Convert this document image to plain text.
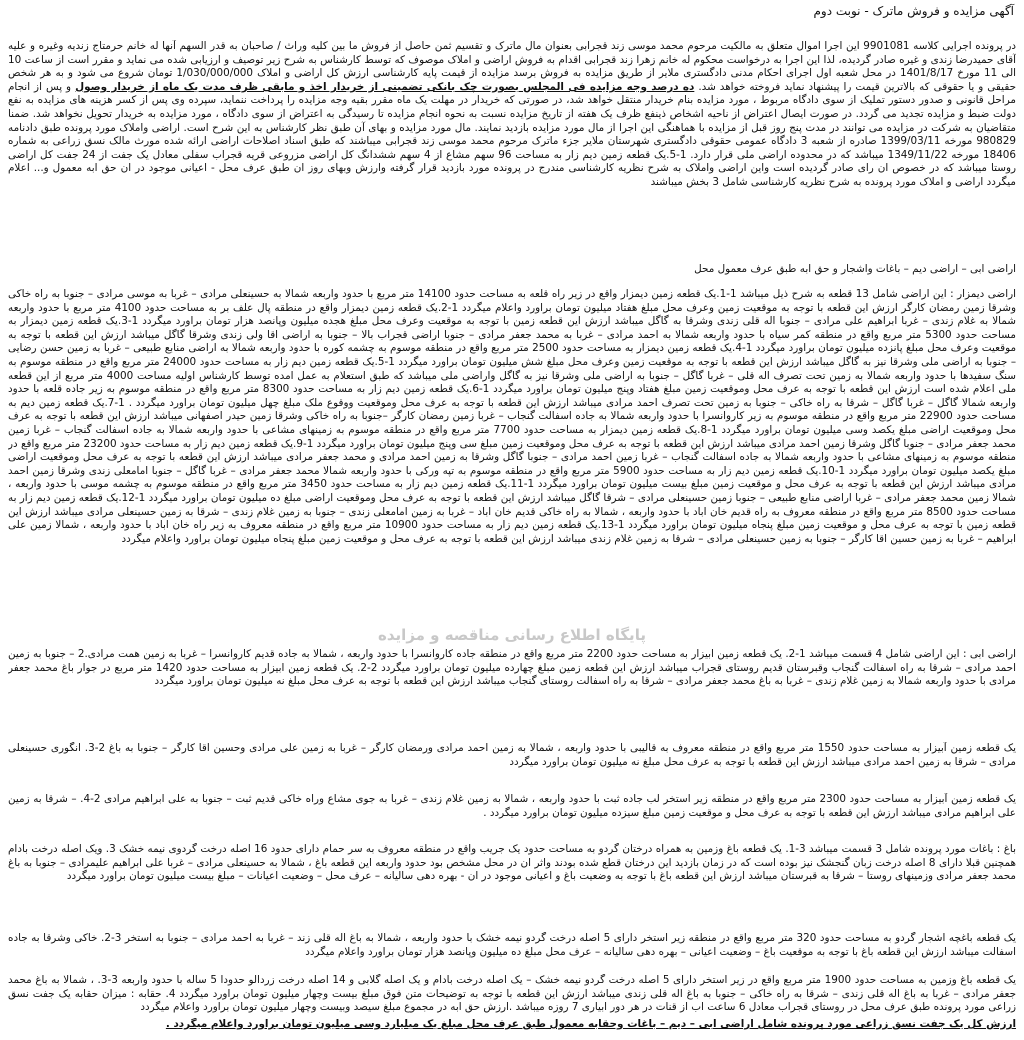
آگهی مزایده و فروش ماترک - نوبت دوم

در پرونده اجرایی کلاسه 9901081 این اجرا اموال متعلق به مالکیت مرحوم محمد موسی زند قجرابی بعنوان مال ماترک و تقسیم ثمن حاصل از فروش ما بین کلیه وراث / صاحبان به قدر السهم آنها له خانم حرمتاج زندیه وغیره و علیه آقای حمیدرضا زندی و غیره صادر گردیده، لذا این اجرا به درخواست محکوم له خانم زهرا زند قجرابی اقدام به فروش اراضی و املاک موصوف که توسط کارشناس به شرح زیر توصیف و ارزیابی شده می نماید و مقرر است از ساعت 10 الی 11 مورخ 1401/8/17 در محل شعبه اول اجرای احکام مدنی دادگستری ملایر از طریق مزایده به فروش برسد مزایده از قیمت پایه کارشناسی ارزش کل اراضی و املاک 1/030/000/000 تومان شروع می شود و به هر شخص حقیقی و یا حقوقی که بالاترین قیمت را پیشنهاد نماید فروخته خواهد شد. ده درصد وجه مزایده فی المجلس بصورت چک بانکی تضمینی از خریدار اخذ و مابقی ظرف مدت یک ماه از خریدار وصول و پس از انجام مراحل قانونی و صدور دستور تملیک از سوی دادگاه مربوط ، مورد مزایده بنام خریدار منتقل خواهد شد، در صورتی که خریدار در مهلت یک ماه مقرر بقیه وجه مزایده را پرداخت ننماید، سپرده وی پس از کسر هزینه های مزایده به نفع دولت ضبط و مزایده تجدید می گردد. در صورت ایصال اعتراض از ناحیه اشخاص ذینفع ظرف یک هفته از تاریخ مزایده نسبت به نحوه انجام مزایده تا رسیدگی به اعتراض از سوی دادگاه ، مورد مزایده به خریدار تحویل نخواهد شد. ضمنا متقاضیان به شرکت در مزایده می توانند در مدت پنج روز قبل از مزایده با هماهنگی این اجرا از مال مورد مزایده بازدید نمایند. مال مورد مزایده و بهای آن طبق نظر کارشناس به این شرح است. اراضی واملاک مورد پرونده طبق دادنامه 980829 مورخه 1399/03/11 صادره از شعبه 3 دادگاه عمومی حقوقی دادگستری شهرستان ملایر جزء ماترک مرحوم محمد موسی زند قجرابی میباشند که طبق اسناد اصلاحات اراضی ارائه شده مورث مالک نسق زراعی به شماره 18406 مورخه 1349/11/22 میباشد که در محدوده اراضی ملی قرار دارد. 1-5.یک قطعه زمین دیم زار به مساحت 96 سهم مشاع از 4 سهم ششدانگ کل اراضی مزروعی قریه قجراب سفلی معادل یک جفت از 24 جفت کل اراضی روستا میباشد که در خصوص ان رای صادر گردیده است واین اراضی واملاک به شرح نظریه کارشناسی مندرج در پرونده مورد بازدید قرار گرفته وارزش وبهای روز ان طبق عرف محل - اعیانی موجود در ان حق ابه معمول و... اعلام میگردد اراضی و املاک مورد پرونده به شرح نظریه کارشناسی شامل 3 بخش میباشند

اراضی ابی – اراضی دیم – باغات واشجار و حق ابه طبق عرف معمول محل

اراضی دیمزار : این اراضی شامل 13 قطعه به شرح ذیل میباشد 1-1.یک قطعه زمین دیمزار واقع در زیر راه قلعه به مساحت حدود 14100 متر مربع با حدود واربعه شمالا به حسینعلی مرادی – غربا به موسی مرادی – جنوبا به راه خاکی وشرقا زمین رمضان کارگر ارزش این قطعه با توجه به موقعیت زمین وعرف محل مبلغ هفتاد میلیون تومان براورد واعلام میگردد 1-2.یک قطعه زمین دیمزار واقع در منطقه پال علف بر به مساحت حدود 4100 متر مربع با حدود واربعه شمالا به غلام زندی – غربا ابراهیم علی مرادی – جنوبا اله قلی زندی وشرقا به گاگل میباشد ارزش این قطعه زمین با توجه به موقعیت وعرف محل مبلغ هجده میلیون وپانصد هزار تومان براورد میگردد 1-3.یک قطعه زمین دیمزار به مساحت حدود 5300 متر مربع واقع در منطقه کمر سیاه با حدود واربعه شمالا به احمد مرادی – غربا به محمد جعفر مرادی – جنوبا اراضی قجراب بالا – جنوبا به اراضی اقا ولی زندی وشرقا گاگل میباشد ارزش این قطعه با توجه به موقعیت وعرف محل مبلغ پانزده میلیون تومان براورد میگردد 1-4.یک قطعه زمین دیمزار به مساحت حدود 2500 متر مربع واقع در منطقه موسوم به چشمه کوره با حدود واربعه شمالا به اراضی منابع طبیعی – غربا به زمین حسن رضایی – جنوبا به اراضی ملی وشرقا نیز به گاگل میباشد ارزش این قطعه با توجه به موقعیت زمین وعرف محل مبلغ شش میلیون تومان براورد میگردد 1-5.یک قطعه زمین دیم زار به مساحت حدود 24000 متر مربع واقع در منطقه موسوم به سنگ سفیدها با حدود واربعه شمالا به زمین تحت تصرف اله قلی – غربا گاگل – جنوبا به اراضی ملی وشرقا نیز به گاگل واراضی ملی میباشد که طبق استعلام به عمل امده توسط کارشناس اولیه مساحت 4000 متر مربع از این قطعه ملی اعلام شده است ارزش این قطعه با توجه به عرف محل وموقعیت زمین مبلغ هفتاد وپنج میلیون تومان براورد میگردد 1-6.یک قطعه زمین دیم زار به مساحت حدود 8300 متر مربع واقع در منطقه موسوم به زیر جاده قلعه با حدود واربعه شمالا گاگل – غربا گاگل – شرقا به راه خاکی – جنوبا به زمین تحت تصرف احمد مرادی میباشد ارزش این قطعه با توجه به عرف محل وموقعیت ووقوع ملک مبلغ چهل میلیون تومان براورد میگردد . 1-7.یک قطعه زمین دیم به مساحت حدود 22900 متر مربع واقع در منطقه موسوم به زیر کاروانسرا با حدود واربعه شمالا به جاده اسفالت گنجاب – غربا زمین رمضان کارگر –جنوبا به راه خاکی وشرقا زمین حیدر اصفهانی میباشد ارزش این قطعه با توجه به عرف محل وموقعیت اراضی مبلغ یکصد وسی میلیون تومان براورد میگردد 1-8.یک قطعه زمین دیمزار به مساحت حدود 7700 متر مربع واقع در منطقه موسوم به زمینهای مشاعی با حدود واربعه شمالا به جاده اسفالت گنجاب – غربا زمین محمد جعفر مرادی – جنوبا گاگل وشرقا زمین احمد مرادی میباشد ارزش این قطعه با توجه به عرف محل وموقعیت زمین مبلغ سی وپنج میلیون تومان براورد میگردد 1-9.یک قطعه زمین دیم زار به مساحت حدود 23200 متر مربع واقع در منطقه موسوم به زمینهای مشاعی با حدود واربعه شمالا به جاده اسفالت گنجاب – غربا زمین احمد مرادی – جنوبا گاگل وشرقا به زمین احمد مرادی و محمد جعفر مرادی میباشد ارزش این قطعه با توجه به عرف محل وموقعیت اراضی مبلغ یکصد میلیون تومان براورد میگردد 1-10.یک قطعه زمین دیم زار به مساحت حدود 5900 متر مربع واقع در منطقه موسوم به تپه ورکی با حدود واربعه شمالا محمد جعفر مرادی – غربا گاگل – جنوبا امامعلی زندی وشرقا زمین احمد مرادی میباشد ارزش این قطعه با توجه به عرف محل و موقعیت زمین مبلغ بیست میلیون تومان براورد میگردد 1-11.یک قطعه زمین دیم زار به مساحت حدود 3450 متر مربع واقع در منطقه موسوم به چشمه موسی با حدود واربعه ، شمالا زمین محمد جعفر مرادی – غربا اراضی منابع طبیعی – جنوبا زمین حسینعلی مرادی – شرقا گاگل میباشد ارزش این قطعه با توجه به عرف محل وموقعیت اراضی مبلغ ده میلیون تومان براورد میگردد 1-12.یک قطعه زمین دیم زار به مساحت حدود 8500 متر مربع واقع در منطقه معروف به راه قدیم خان اباد با حدود واربعه ، شمالا به راه خاکی قدیم خان اباد – غربا به زمین امامعلی زندی – جنوبا به زمین غلام زندی – شرقا به زمین حسینعلی مرادی میباشد ارزش این قطعه زمین با توجه به عرف محل و موقعیت زمین مبلغ پنجاه میلیون تومان براورد میگردد 1-13.یک قطعه زمین دیم زار به مساحت حدود 10900 متر مربع واقع در منطقه معروف به زیر راه خان اباد با حدود واربعه ، شمالا زمین علی ابراهیم – غربا به زمین حسین اقا کارگر – جنوبا به زمین حسینعلی مرادی – شرقا به زمین غلام زندی میباشد ارزش این قطعه با توجه به عرف محل و موقعیت زمین مبلغ پنجاه میلیون تومان براورد واعلام میگردد

پایگاه اطلاع رسانی مناقصه و مزایده

اراضی ابی : این اراضی شامل 4 قسمت میباشد 1-2. یک قطعه زمین ابیزار به مساحت حدود 2200 متر مربع واقع در منطقه جاده کاروانسرا با حدود واربعه ، شمالا به جاده قدیم کاروانسرا – غربا به زمین همت مرادی.2 – جنوبا به زمین احمد مرادی – شرقا به راه اسفالت گنجاب وقبرستان قدیم روستای قجراب میباشد ارزش این قطعه زمین مبلغ چهارده میلیون تومان براورد میگردد 2-2. یک قطعه زمین ابیزار به مساحت حدود 1420 متر مربع در جوار باغ محمد جعفر مرادی با حدود واربعه شمالا به زمین غلام زندی – غربا به باغ محمد جعفر مرادی – شرقا به راه اسفالت روستای گنجاب میباشد ارزش این قطعه با توجه به عرف محل مبلغ نه میلیون تومان براورد میگردد

یک قطعه زمین آبیزار به مساحت حدود 1550 متر مربع واقع در منطقه معروف به قالیبی با حدود واربعه ، شمالا به زمین احمد مرادی ورمضان کارگر – غربا به زمین علی مرادی وحسین اقا کارگر – جنوبا به باغ 2-3. انگوری حسینعلی مرادی – شرقا به زمین احمد مرادی میباشد ارزش این قطعه با توجه به عرف محل مبلغ نه میلیون تومان براورد میگردد

یک قطعه زمین آبیزار به مساحت حدود 2300 متر مربع واقع در منطقه زیر استخر لب جاده ثبت با حدود واربعه ، شمالا به زمین غلام زندی – غربا به جوی مشاع وراه خاکی قدیم ثبت – جنوبا به علی ابراهیم مرادی 2-4. – شرقا به زمین علی ابراهیم مرادی میباشد ارزش این قطعه با توجه به عرف محل و موقعیت زمین مبلغ سیزده میلیون تومان براورد میگردد .

باغ : باغات مورد پرونده شامل 3 قسمت میباشد 3-1. یک قطعه باغ وزمین به همراه درختان گردو به مساحت حدود یک جریب واقع در منطقه معروف به سر حمام دارای حدود 16 اصله درخت گردوی نیمه خشک 3. ویک اصله درخت بادام همچنین قبلا دارای 8 اصله درخت زبان گنجشک نیز بوده است که در زمان بازدید این درختان قطع شده بودند واثر ان در محل مشخص بود حدود واربعه این قطعه باغ ، شمالا به حسینعلی مرادی – غربا علی ابراهیم علیمرادی – جنوبا به باغ محمد جعفر مرادی وزمینهای روستا – شرقا به قبرستان میباشد ارزش این قطعه باغ با توجه به وضعیت باغ و اعیانی موجود در ان - بهره دهی سالیانه – عرف محل – وضعیت اعیانات – مبلغ بیست میلیون تومان براورد میگردد

یک قطعه باغچه اشجار گردو به مساحت حدود 320 متر مربع واقع در منطقه زیر استخر دارای 5 اصله درخت گردو نیمه خشک با حدود واربعه ، شمالا به باغ اله قلی زند – غربا به احمد مرادی – جنوبا به استخر 3-2. خاکی وشرقا به جاده اسفالت میباشد ارزش این قطعه باغ با توجه به موقعیت باغ – وضعیت اعیانی – بهره دهی سالیانه – عرف محل مبلغ ده میلیون وپانصد هزار تومان براورد واعلام میگردد

یک قطعه باغ وزمین به مساحت حدود 1900 متر مربع واقع در زیر استخر دارای 5 اصله درخت گردو نیمه خشک – یک اصله درخت بادام و یک اصله گلابی و 14 اصله درخت زردالو حدودا 5 ساله با حدود واربعه 3-3. ، شمالا به باغ محمد جعفر مرادی – غربا به باغ اله قلی زندی – شرقا به راه خاکی – جنوبا به باغ اله قلی زندی میباشد ارزش این قطعه با توجه به توضیحات متن فوق مبلغ بیست وچهار میلیون تومان براورد میگردد 4. حقابه : میزان حقابه یک جفت نسق زراعی مورد پرونده طبق عرف محل در روستای قجراب معادل 6 ساعت اب از قنات در هر دور ابیاری 7 روزه میباشد .ارزش حق ابه در مجموع مبلغ سیصد وبیست وچهار میلیون تومان براورد واعلام میگردد

ارزش کل یک جفت نسق زراعی مورد پرونده شامل اراضی ابی – دیم – باغات وحقابه معمول طبق عرف محل مبلغ یک میلیارد وسی میلیون تومان براورد واعلام میگردد .
